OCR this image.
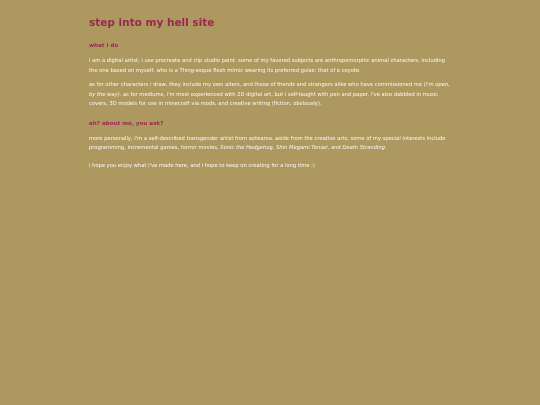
step into my hell site
what i do

i am a digital artist, i use procreate and clip studio paint. some of my favored subjects are anthropomorphic animal characters, including the one based on myself, who is a Thing-esque flesh mimic wearing its preferred guise; that of a coyote.

as for other characters i draw, they include my own alters, and those of friends and strangers alike who have commissioned me (i'm open, by the way). as for mediums, i'm most experienced with 2D digital art, but i self-taught with pen and paper. i've also dabbled in music covers, 3D models for use in minecraft via mods, and creative writing (fiction, obviously).

eh? about me, you ask?

more personally, i'm a self-described transgender artist from aotearoa. aside from the creative arts, some of my special interests include programming, incremental games, horror movies, Sonic the Hedgehog, Shin Megami Tensei, and Death Stranding.

i hope you enjoy what i've made here, and i hope to keep on creating for a long time :)
